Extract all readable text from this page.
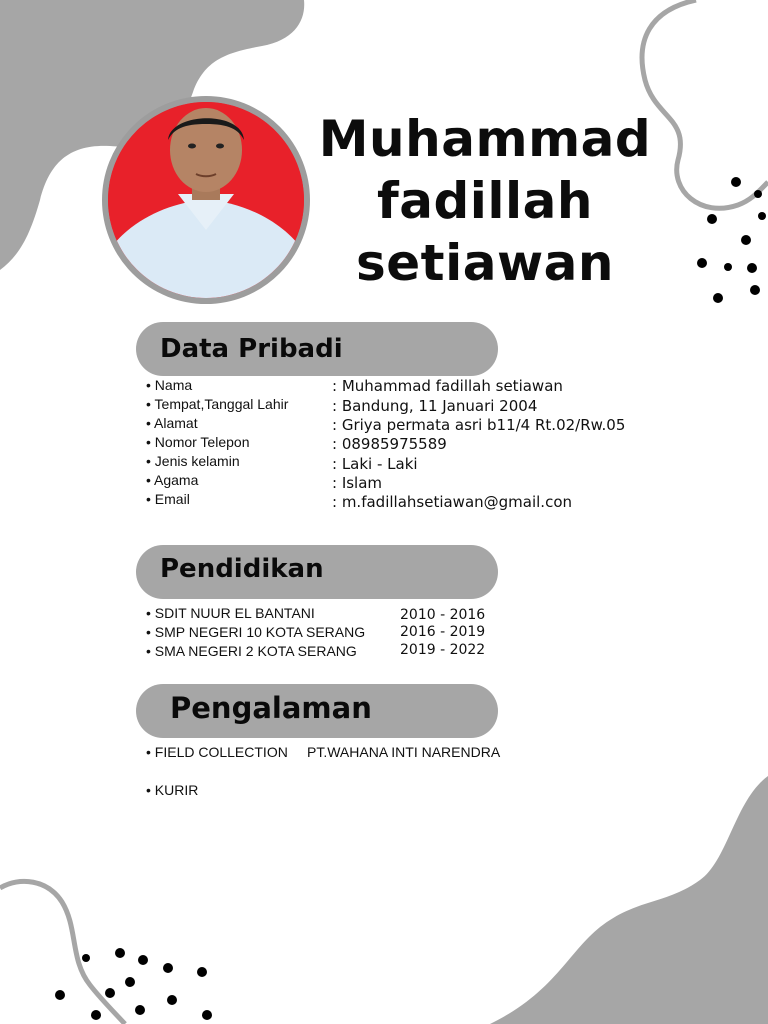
Muhammad
fadillah
setiawan
Data Pribadi
• Nama	: Muhammad fadillah setiawan
• Tempat,Tanggal Lahir	: Bandung, 11 Januari 2004
• Alamat	: Griya permata asri b11/4 Rt.02/Rw.05
• Nomor Telepon	: 08985975589
• Jenis kelamin	: Laki - Laki
• Agama	: Islam
• Email	: m.fadillahsetiawan@gmail.con
Pendidikan
• SDIT NUUR EL BANTANI	2010 - 2016
• SMP NEGERI 10 KOTA SERANG 2016 - 2019
• SMA NEGERI 2 KOTA SERANG	2019 - 2022
Pengalaman
• FIELD COLLECTION PT.WAHANA INTI NARENDRA
• KURIR
